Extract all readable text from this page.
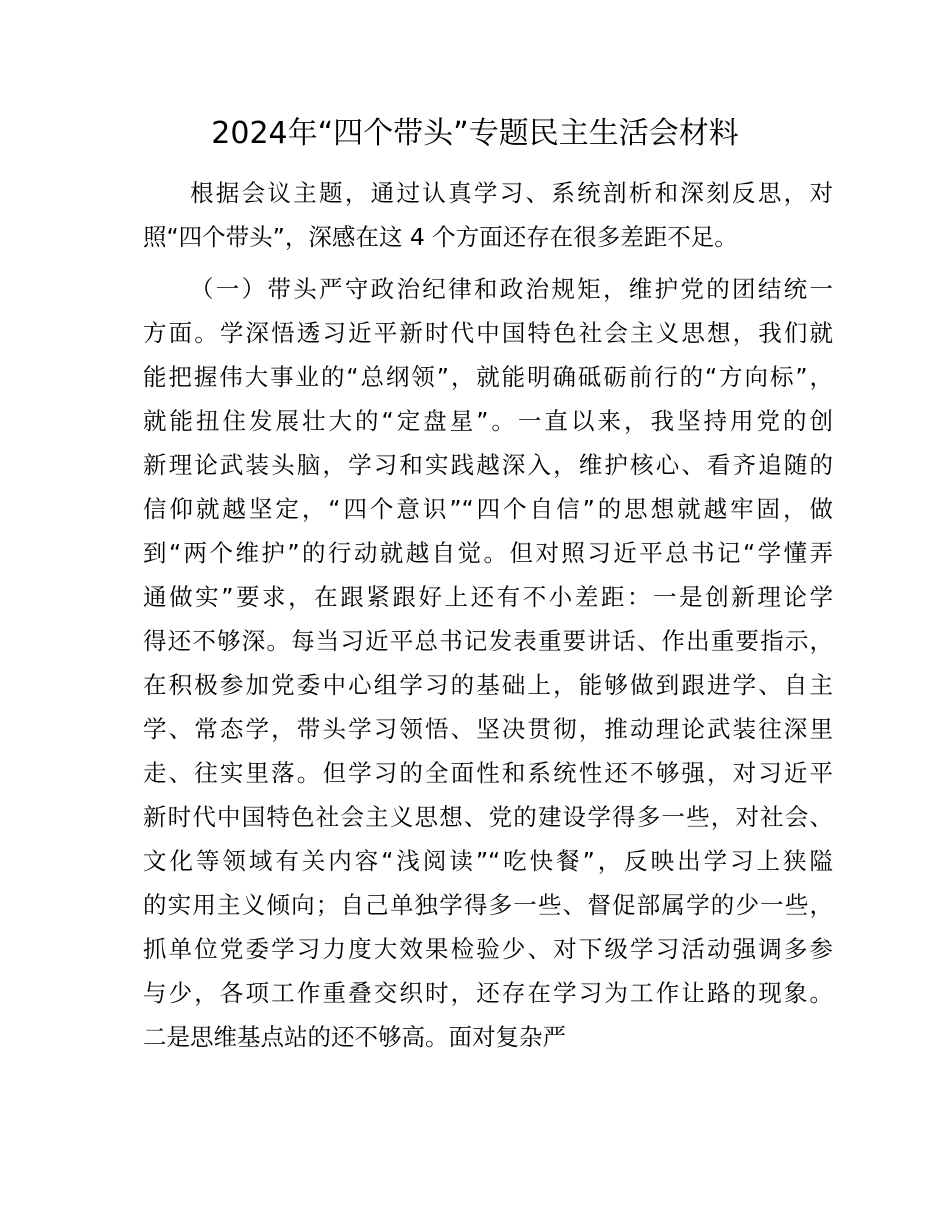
2024年“四个带头”专题民主生活会材料
根据会议主题，通过认真学习、系统剖析和深刻反思，对
照“四个带头”，深感在这 4 个方面还存在很多差距不足。
（一）带头严守政治纪律和政治规矩，维护党的团结统一
方面。学深悟透习近平新时代中国特色社会主义思想，我们就
能把握伟大事业的“总纲领”，就能明确砥砺前行的“方向标”，
就能扭住发展壮大的“定盘星”。一直以来，我坚持用党的创
新理论武装头脑，学习和实践越深入，维护核心、看齐追随的
信仰就越坚定，“四个意识”“四个自信”的思想就越牢固，做
到“两个维护”的行动就越自觉。但对照习近平总书记“学懂弄
通做实”要求，在跟紧跟好上还有不小差距：一是创新理论学
得还不够深。每当习近平总书记发表重要讲话、作出重要指示，
在积极参加党委中心组学习的基础上，能够做到跟进学、自主
学、常态学，带头学习领悟、坚决贯彻，推动理论武装往深里
走、往实里落。但学习的全面性和系统性还不够强，对习近平
新时代中国特色社会主义思想、党的建设学得多一些，对社会、
文化等领域有关内容“浅阅读”“吃快餐”，反映出学习上狭隘
的实用主义倾向；自己单独学得多一些、督促部属学的少一些，
抓单位党委学习力度大效果检验少、对下级学习活动强调多参
与少，各项工作重叠交织时，还存在学习为工作让路的现象。
二是思维基点站的还不够高。面对复杂严
